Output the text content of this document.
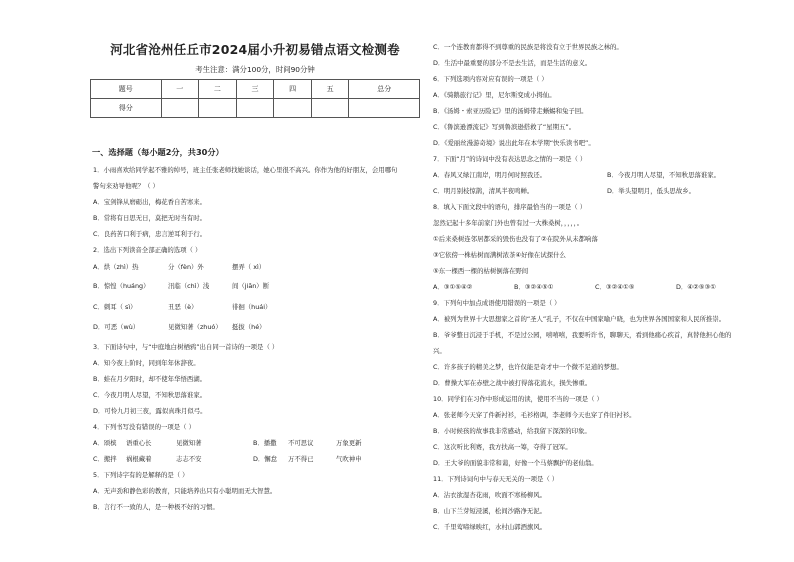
河北省沧州任丘市2024届小升初易错点语文检测卷
考生注意：满分100分，时间90分钟
题号	一	二	三	四	五	总分
得分						
一、选择题（每小题2分，共30分）
1．小雨喜欢给同学起不雅的绰号，班主任张老师找她谈话，她心里很不高兴。你作为他的好朋友，会用哪句
警句来劝导他呢？（ ）
A．宝剑锋从磨砺出，梅花香自苦寒来。
B．常将有日思无日，莫把无时当有时。
C．良药苦口利于病，忠言逆耳利于行。
2．选出下列读音全部正确的选项（ ）
A．烘（zhì）热	分（fèn）外	摆弄（ xì）
B．惊惶（huáng）	汛临（chì）浅	间（jiān）断
C．刺耳（ sì）	丑恶（è）	徘徊（huái）
D．可恶（wù）	见微知著（zhuó） 挺拔（hé）
3．下面诗句中，与“中庭地白树栖鸦”出自同一首诗的一项是（ ）
A．知今夜上阶时，同到年年休辞夜。
B．蛙在月夕阳时，却不使年华悟西湖。
C．今夜月明人尽望，不知秋思落谁家。
D．可怜九月初三夜，露似真珠月似弓。
4．下列书写没有错误的一项是（ ）
A．颂槟 语重心长	见微知著	B．播撒 不可思议	万象更新
C．搬拌 祸根藏着	志志不安	D．懈怠 万不得已	气吹神申
5．下列诗字有的是解释的是（ ）
A．无声劲和静色彩的教育，只能培养出只有小聪明而无大智慧。
B．言行不一致的人，是一种极不好的习惯。
C．一个连教育都得不到尊重的民族是将没有立于世界民族之林的。
D．生活中最重要的部分不是去生活，而是生活的意义。
6．下列选项内容对应有误的一项是（ ）
A．《骑鹅旅行记》里，尼尔斯变成小拇仙。
B．《汤姆・索亚历险记》里的汤姆带走蜥蜴和兔子回。
C．《鲁滨逊漂流记》写到鲁滨逊搭救了“星期五”。
D．《爱丽丝漫游奇境》说出此年在本学期“快乐读书吧”。
7．下面“月”的诗词中没有表达思念之情的一项是（ ）
A．春风又绿江南岸，明月何时照我还。	B．今夜月明人尽望，不知秋思落谁家。
C．明月别枝惊鹊，清风半夜鸣蝉。	D．举头望明月，低头思故乡。
8．填入下面文段中的语句，排序最恰当的一项是（ ）
忽然记起十多年前家门外也曾有过一大株桑树，，，，，。
①后来桑树连邻居都采的毁伤也没有了②在院外从未都响落
③它依傍一株枯树而满树浓茶④好像在试探什么
⑤东一棵西一棵的枯树倒落在野间
A．③①⑤④②	B．③②④⑤①	C．③②④①⑤	D．④②⑤③①
9．下列句中加点成语使用错误的一项是（ ）
A．被列为世界十大思想家之首的“圣人”孔子，不仅在中国家喻户晓，也为世界各国国家和人民所推崇。
B．爷爷整日沉浸于手机，不是过公园，嘻嘻嘻，我要听许书，聊聊天，看到他痛心疾首，真替他担心他的
兴。
C．许多孩子的精美之梦，也许仅能是奇才中一个微不足道的梦想。
D．曹操大军在赤壁之战中被打得落花流水，损失惨重。
10．同学们在习作中形成运用的读，使用不当的一项是（ ）
A．张老师今天穿了件新衬衫，毛衫格调，李老师今天也穿了件旧衬衫。
B．小时候孩的故事我非常感动，给我留下深深的印象。
C．这次听比利赛，我方扶高一筹，夺得了冠军。
D．王大爷的面貌非常和蔼，好像一个马蔡飘护的老仙翁。
11．下列诗词句中与春天无关的一项是（ ）
A．沾衣欲湿杏花雨，吹面不寒杨柳风。
B．山下兰芽短浸溪，松间沙路净无泥。
C．千里莺啼绿映红，水村山郭酒旗风。
